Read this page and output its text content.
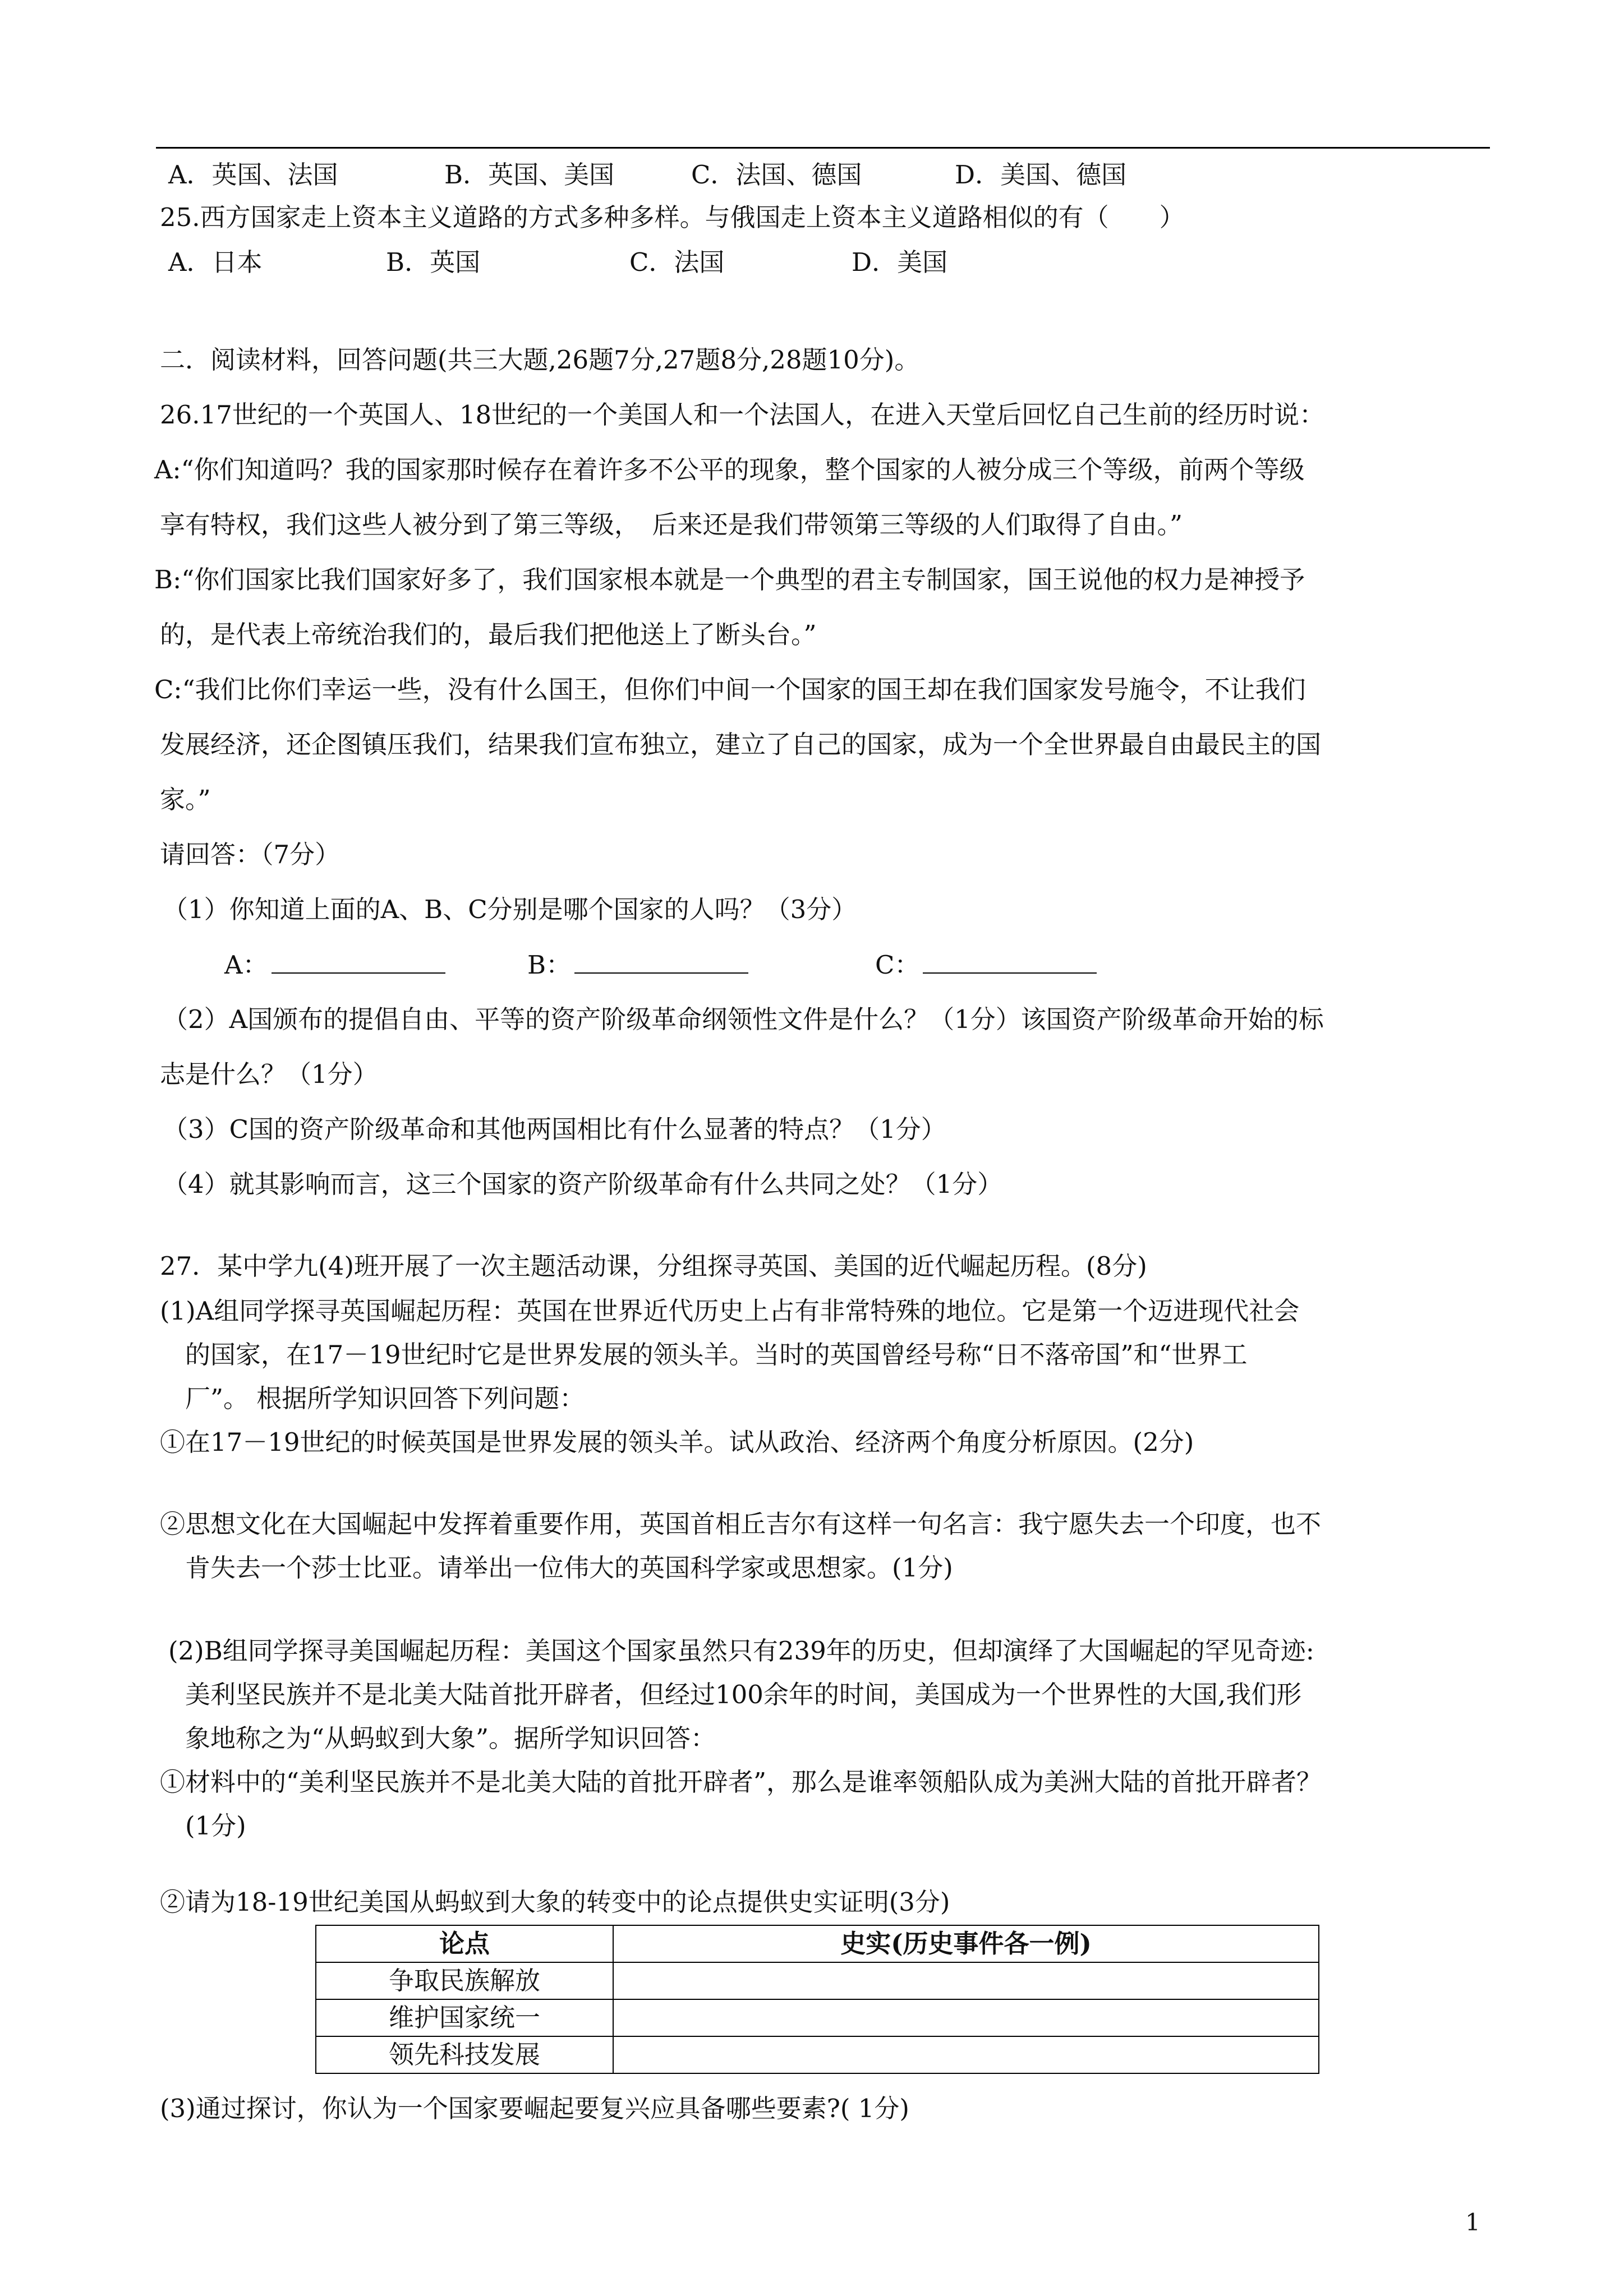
A．英国、法国	B．英国、美国	C．法国、德国	D．美国、德国
25.西方国家走上资本主义道路的方式多种多样。与俄国走上资本主义道路相似的有（　　）
A．日本	B．英国	C．法国	D．美国
二．阅读材料，回答问题(共三大题,26题7分,27题8分,28题10分)。
26.17世纪的一个英国人、18世纪的一个美国人和一个法国人，在进入天堂后回忆自己生前的经历时说：
A:“你们知道吗？我的国家那时候存在着许多不公平的现象，整个国家的人被分成三个等级，前两个等级
享有特权，我们这些人被分到了第三等级，　后来还是我们带领第三等级的人们取得了自由。”
B:“你们国家比我们国家好多了，我们国家根本就是一个典型的君主专制国家，国王说他的权力是神授予
的，是代表上帝统治我们的，最后我们把他送上了断头台。”
C:“我们比你们幸运一些，没有什么国王，但你们中间一个国家的国王却在我们国家发号施令，不让我们
发展经济，还企图镇压我们，结果我们宣布独立，建立了自己的国家，成为一个全世界最自由最民主的国
家。”
请回答：（7分）
（1）你知道上面的A、B、C分别是哪个国家的人吗？（3分）
A：	B：	C：
（2）A国颁布的提倡自由、平等的资产阶级革命纲领性文件是什么？（1分）该国资产阶级革命开始的标
志是什么？（1分）
（3）C国的资产阶级革命和其他两国相比有什么显著的特点？（1分）
（4）就其影响而言，这三个国家的资产阶级革命有什么共同之处？（1分）
27．某中学九(4)班开展了一次主题活动课，分组探寻英国、美国的近代崛起历程。(8分)
(1)A组同学探寻英国崛起历程：英国在世界近代历史上占有非常特殊的地位。它是第一个迈进现代社会
的国家，在17－19世纪时它是世界发展的领头羊。当时的英国曾经号称“日不落帝国”和“世界工
厂”。 根据所学知识回答下列问题：
①在17－19世纪的时候英国是世界发展的领头羊。试从政治、经济两个角度分析原因。(2分)
②思想文化在大国崛起中发挥着重要作用，英国首相丘吉尔有这样一句名言：我宁愿失去一个印度，也不
肯失去一个莎士比亚。请举出一位伟大的英国科学家或思想家。(1分)
(2)B组同学探寻美国崛起历程：美国这个国家虽然只有239年的历史，但却演绎了大国崛起的罕见奇迹:
美利坚民族并不是北美大陆首批开辟者，但经过100余年的时间，美国成为一个世界性的大国,我们形
象地称之为“从蚂蚁到大象”。据所学知识回答：
①材料中的“美利坚民族并不是北美大陆的首批开辟者”，那么是谁率领船队成为美洲大陆的首批开辟者？
(1分)
②请为18-19世纪美国从蚂蚁到大象的转变中的论点提供史实证明(3分)
论点	史实(历史事件各一例)
争取民族解放	
维护国家统一	
领先科技发展	
(3)通过探讨，你认为一个国家要崛起要复兴应具备哪些要素?( 1分)
1
